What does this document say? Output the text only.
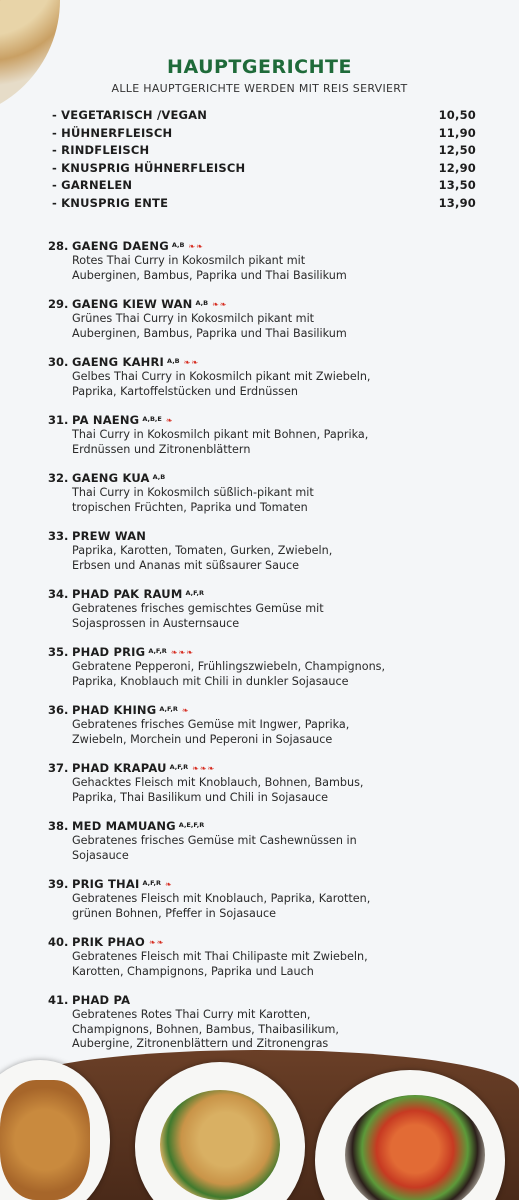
HAUPTGERICHTE
ALLE HAUPTGERICHTE WERDEN MIT REIS SERVIERT
- VEGETARISCH /VEGAN	10,50
- HÜHNERFLEISCH	11,90
- RINDFLEISCH	12,50
- KNUSPRIG HÜHNERFLEISCH	12,90
- GARNELEN	13,50
- KNUSPRIG ENTE	13,90
28. GAENG DAENG A,B ❧❧
Rotes Thai Curry in Kokosmilch pikant mit
Auberginen, Bambus, Paprika und Thai Basilikum
29. GAENG KIEW WAN A,B ❧❧
Grünes Thai Curry in Kokosmilch pikant mit
Auberginen, Bambus, Paprika und Thai Basilikum
30. GAENG KAHRI A,B ❧❧
Gelbes Thai Curry in Kokosmilch pikant mit Zwiebeln,
Paprika, Kartoffelstücken und Erdnüssen
31. PA NAENG A,B,E ❧
Thai Curry in Kokosmilch pikant mit Bohnen, Paprika,
Erdnüssen und Zitronenblättern
32. GAENG KUA A,B
Thai Curry in Kokosmilch süßlich-pikant mit
tropischen Früchten, Paprika und Tomaten
33. PREW WAN
Paprika, Karotten, Tomaten, Gurken, Zwiebeln,
Erbsen und Ananas mit süßsaurer Sauce
34. PHAD PAK RAUM A,F,R
Gebratenes frisches gemischtes Gemüse mit
Sojasprossen in Austernsauce
35. PHAD PRIG A,F,R ❧❧❧
Gebratene Pepperoni, Frühlingszwiebeln, Champignons,
Paprika, Knoblauch mit Chili in dunkler Sojasauce
36. PHAD KHING A,F,R ❧
Gebratenes frisches Gemüse mit Ingwer, Paprika,
Zwiebeln, Morchein und Peperoni in Sojasauce
37. PHAD KRAPAU A,F,R ❧❧❧
Gehacktes Fleisch mit Knoblauch, Bohnen, Bambus,
Paprika, Thai Basilikum und Chili in Sojasauce
38. MED MAMUANG A,E,F,R
Gebratenes frisches Gemüse mit Cashewnüssen in
Sojasauce
39. PRIG THAI A,F,R ❧
Gebratenes Fleisch mit Knoblauch, Paprika, Karotten,
grünen Bohnen, Pfeffer in Sojasauce
40. PRIK PHAO ❧❧
Gebratenes Fleisch mit Thai Chilipaste mit Zwiebeln,
Karotten, Champignons, Paprika und Lauch
41. PHAD PA
Gebratenes Rotes Thai Curry mit Karotten,
Champignons, Bohnen, Bambus, Thaibasilikum,
Aubergine, Zitronenblättern und Zitronengras
